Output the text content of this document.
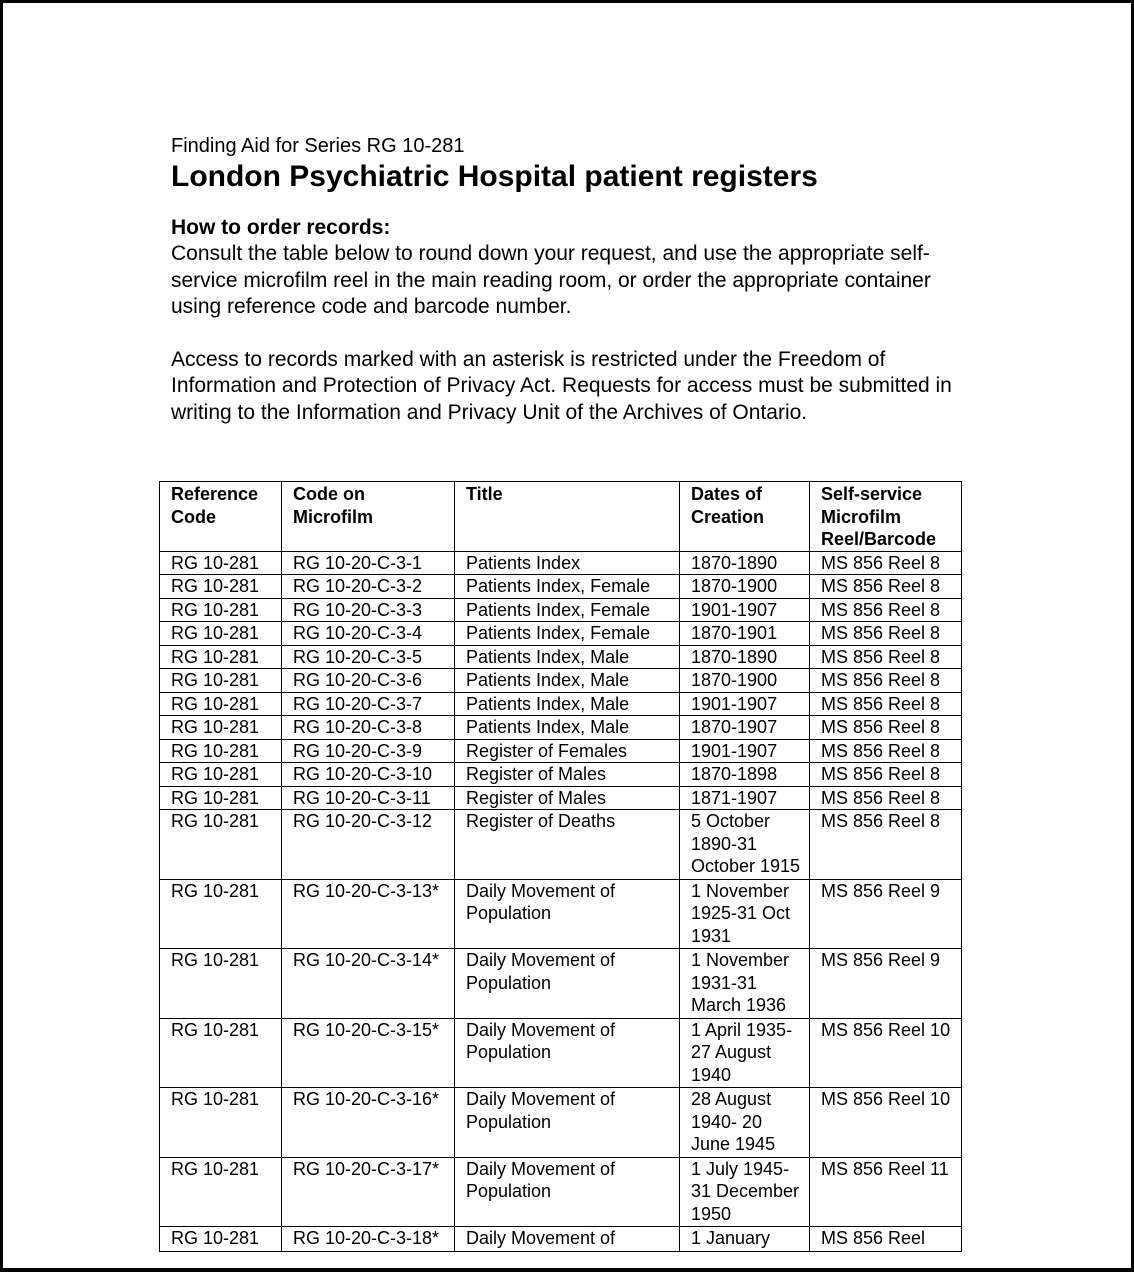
Finding Aid for Series RG 10-281

London Psychiatric Hospital patient registers
How to order records:

Consult the table below to round down your request, and use the appropriate self-service microfilm reel in the main reading room, or order the appropriate container using reference code and barcode number.

Access to records marked with an asterisk is restricted under the Freedom of Information and Protection of Privacy Act. Requests for access must be submitted in writing to the Information and Privacy Unit of the Archives of Ontario.

Reference Code	Code on Microfilm	Title	Dates of Creation	Self-service Microfilm Reel/Barcode
RG 10-281	RG 10-20-C-3-1	Patients Index	1870-1890	MS 856 Reel 8
RG 10-281	RG 10-20-C-3-2	Patients Index, Female	1870-1900	MS 856 Reel 8
RG 10-281	RG 10-20-C-3-3	Patients Index, Female	1901-1907	MS 856 Reel 8
RG 10-281	RG 10-20-C-3-4	Patients Index, Female	1870-1901	MS 856 Reel 8
RG 10-281	RG 10-20-C-3-5	Patients Index, Male	1870-1890	MS 856 Reel 8
RG 10-281	RG 10-20-C-3-6	Patients Index, Male	1870-1900	MS 856 Reel 8
RG 10-281	RG 10-20-C-3-7	Patients Index, Male	1901-1907	MS 856 Reel 8
RG 10-281	RG 10-20-C-3-8	Patients Index, Male	1870-1907	MS 856 Reel 8
RG 10-281	RG 10-20-C-3-9	Register of Females	1901-1907	MS 856 Reel 8
RG 10-281	RG 10-20-C-3-10	Register of Males	1870-1898	MS 856 Reel 8
RG 10-281	RG 10-20-C-3-11	Register of Males	1871-1907	MS 856 Reel 8
RG 10-281	RG 10-20-C-3-12	Register of Deaths	5 October 1890-31 October 1915	MS 856 Reel 8
RG 10-281	RG 10-20-C-3-13*	Daily Movement of Population	1 November 1925-31 Oct 1931	MS 856 Reel 9
RG 10-281	RG 10-20-C-3-14*	Daily Movement of Population	1 November 1931-31 March 1936	MS 856 Reel 9
RG 10-281	RG 10-20-C-3-15*	Daily Movement of Population	1 April 1935-27 August 1940	MS 856 Reel 10
RG 10-281	RG 10-20-C-3-16*	Daily Movement of Population	28 August 1940- 20 June 1945	MS 856 Reel 10
RG 10-281	RG 10-20-C-3-17*	Daily Movement of Population	1 July 1945-31 December 1950	MS 856 Reel 11
RG 10-281	RG 10-20-C-3-18*	Daily Movement of	1 January	MS 856 Reel
